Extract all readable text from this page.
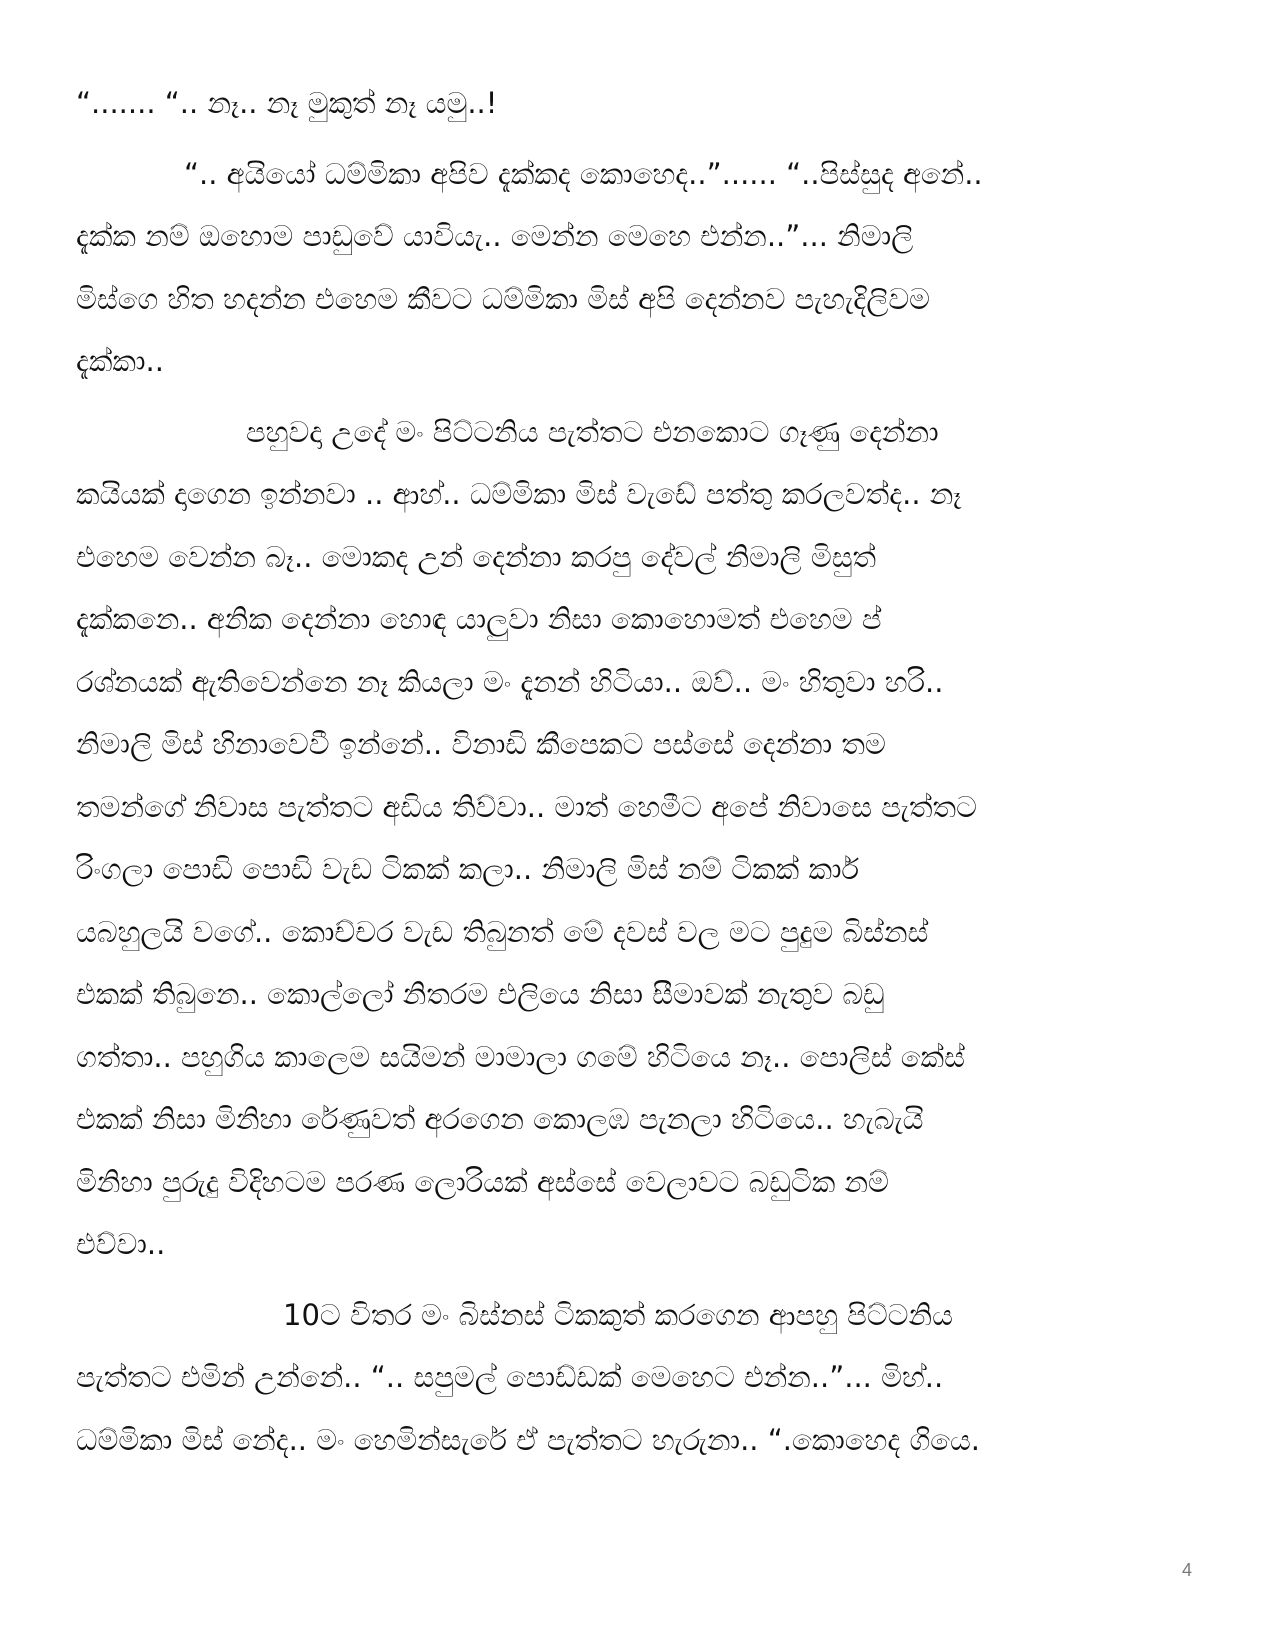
“....... “.. නෑ.. නෑ මුකුත් නෑ යමු..!
“.. අයියෝ ධම්මිකා අපිව දැක්කද කොහෙද..”...... “..පිස්සුද අනේ..
දැක්ක නම් ඔහොම පාඩුවේ යාවියැ.. මෙන්න මෙහෙ එන්න..”... නිමාලි
මිස්ගෙ හිත හදන්න එහෙම කීවට ධම්මිකා මිස් අපි දෙන්නව පැහැදිලිවම
දැක්කා..
පහුවදා උදේ මං පිට්ටනිය පැත්තට එනකොට ගෑණු දෙන්නා
කයියක් දාගෙන ඉන්නවා .. ආහ්.. ධම්මිකා මිස් වැඩේ පත්තු කරලවත්ද.. නෑ
එහෙම වෙන්න බෑ.. මොකද උන් දෙන්නා කරපු දේවල් නිමාලි මිසුත්
දැක්කනෙ.. අනික දෙන්නා හොඳ යාලුවා නිසා කොහොමත් එහෙම ප්
රශ්නයක් ඇතිවෙන්නෙ නෑ කියලා මං දැනන් හිටියා.. ඔව්.. මං හිතුවා හරි..
නිමාලි මිස් හිනාවෙවී ඉන්නේ.. විනාඩි කීපෙකට පස්සේ දෙන්නා තම
තමන්ගේ නිවාස පැත්තට අඩිය තිව්වා.. මාත් හෙමීට අපේ නිවාසෙ පැත්තට
රිංගලා පොඩි පොඩි වැඩ ටිකක් කලා.. නිමාලි මිස් නම් ටිකක් කාර්
යබහුලයි වගේ.. කොච්චර වැඩ තිබුනත් මේ දවස් වල මට පුදුම බිස්නස්
එකක් තිබුනෙ.. කොල්ලෝ නිතරම එලියෙ නිසා සීමාවක් නැතුව බඩු
ගත්තා.. පහුගිය කාලෙම සයිමන් මාමාලා ගමේ හිටියෙ නෑ.. පොලිස් කේස්
එකක් නිසා මිනිහා රේණුවත් අරගෙන කොලඹ පැනලා හිටියෙ.. හැබැයි
මිනිහා පුරුදු විදිහටම පරණ ලොරියක් අස්සේ වෙලාවට බඩුටික නම්
එව්වා..
10ට විතර මං බිස්නස් ටිකකුත් කරගෙන ආපහු පිට්ටනිය
පැත්තට එමින් උන්නේ.. “.. සපුමල් පොඩ්ඩක් මෙහෙට එන්න..”... මිහ්..
ධම්මිකා මිස් නේද.. මං හෙමින්සැරේ ඒ පැත්තට හැරුනා.. “.කොහෙද ගියෙ.
4
